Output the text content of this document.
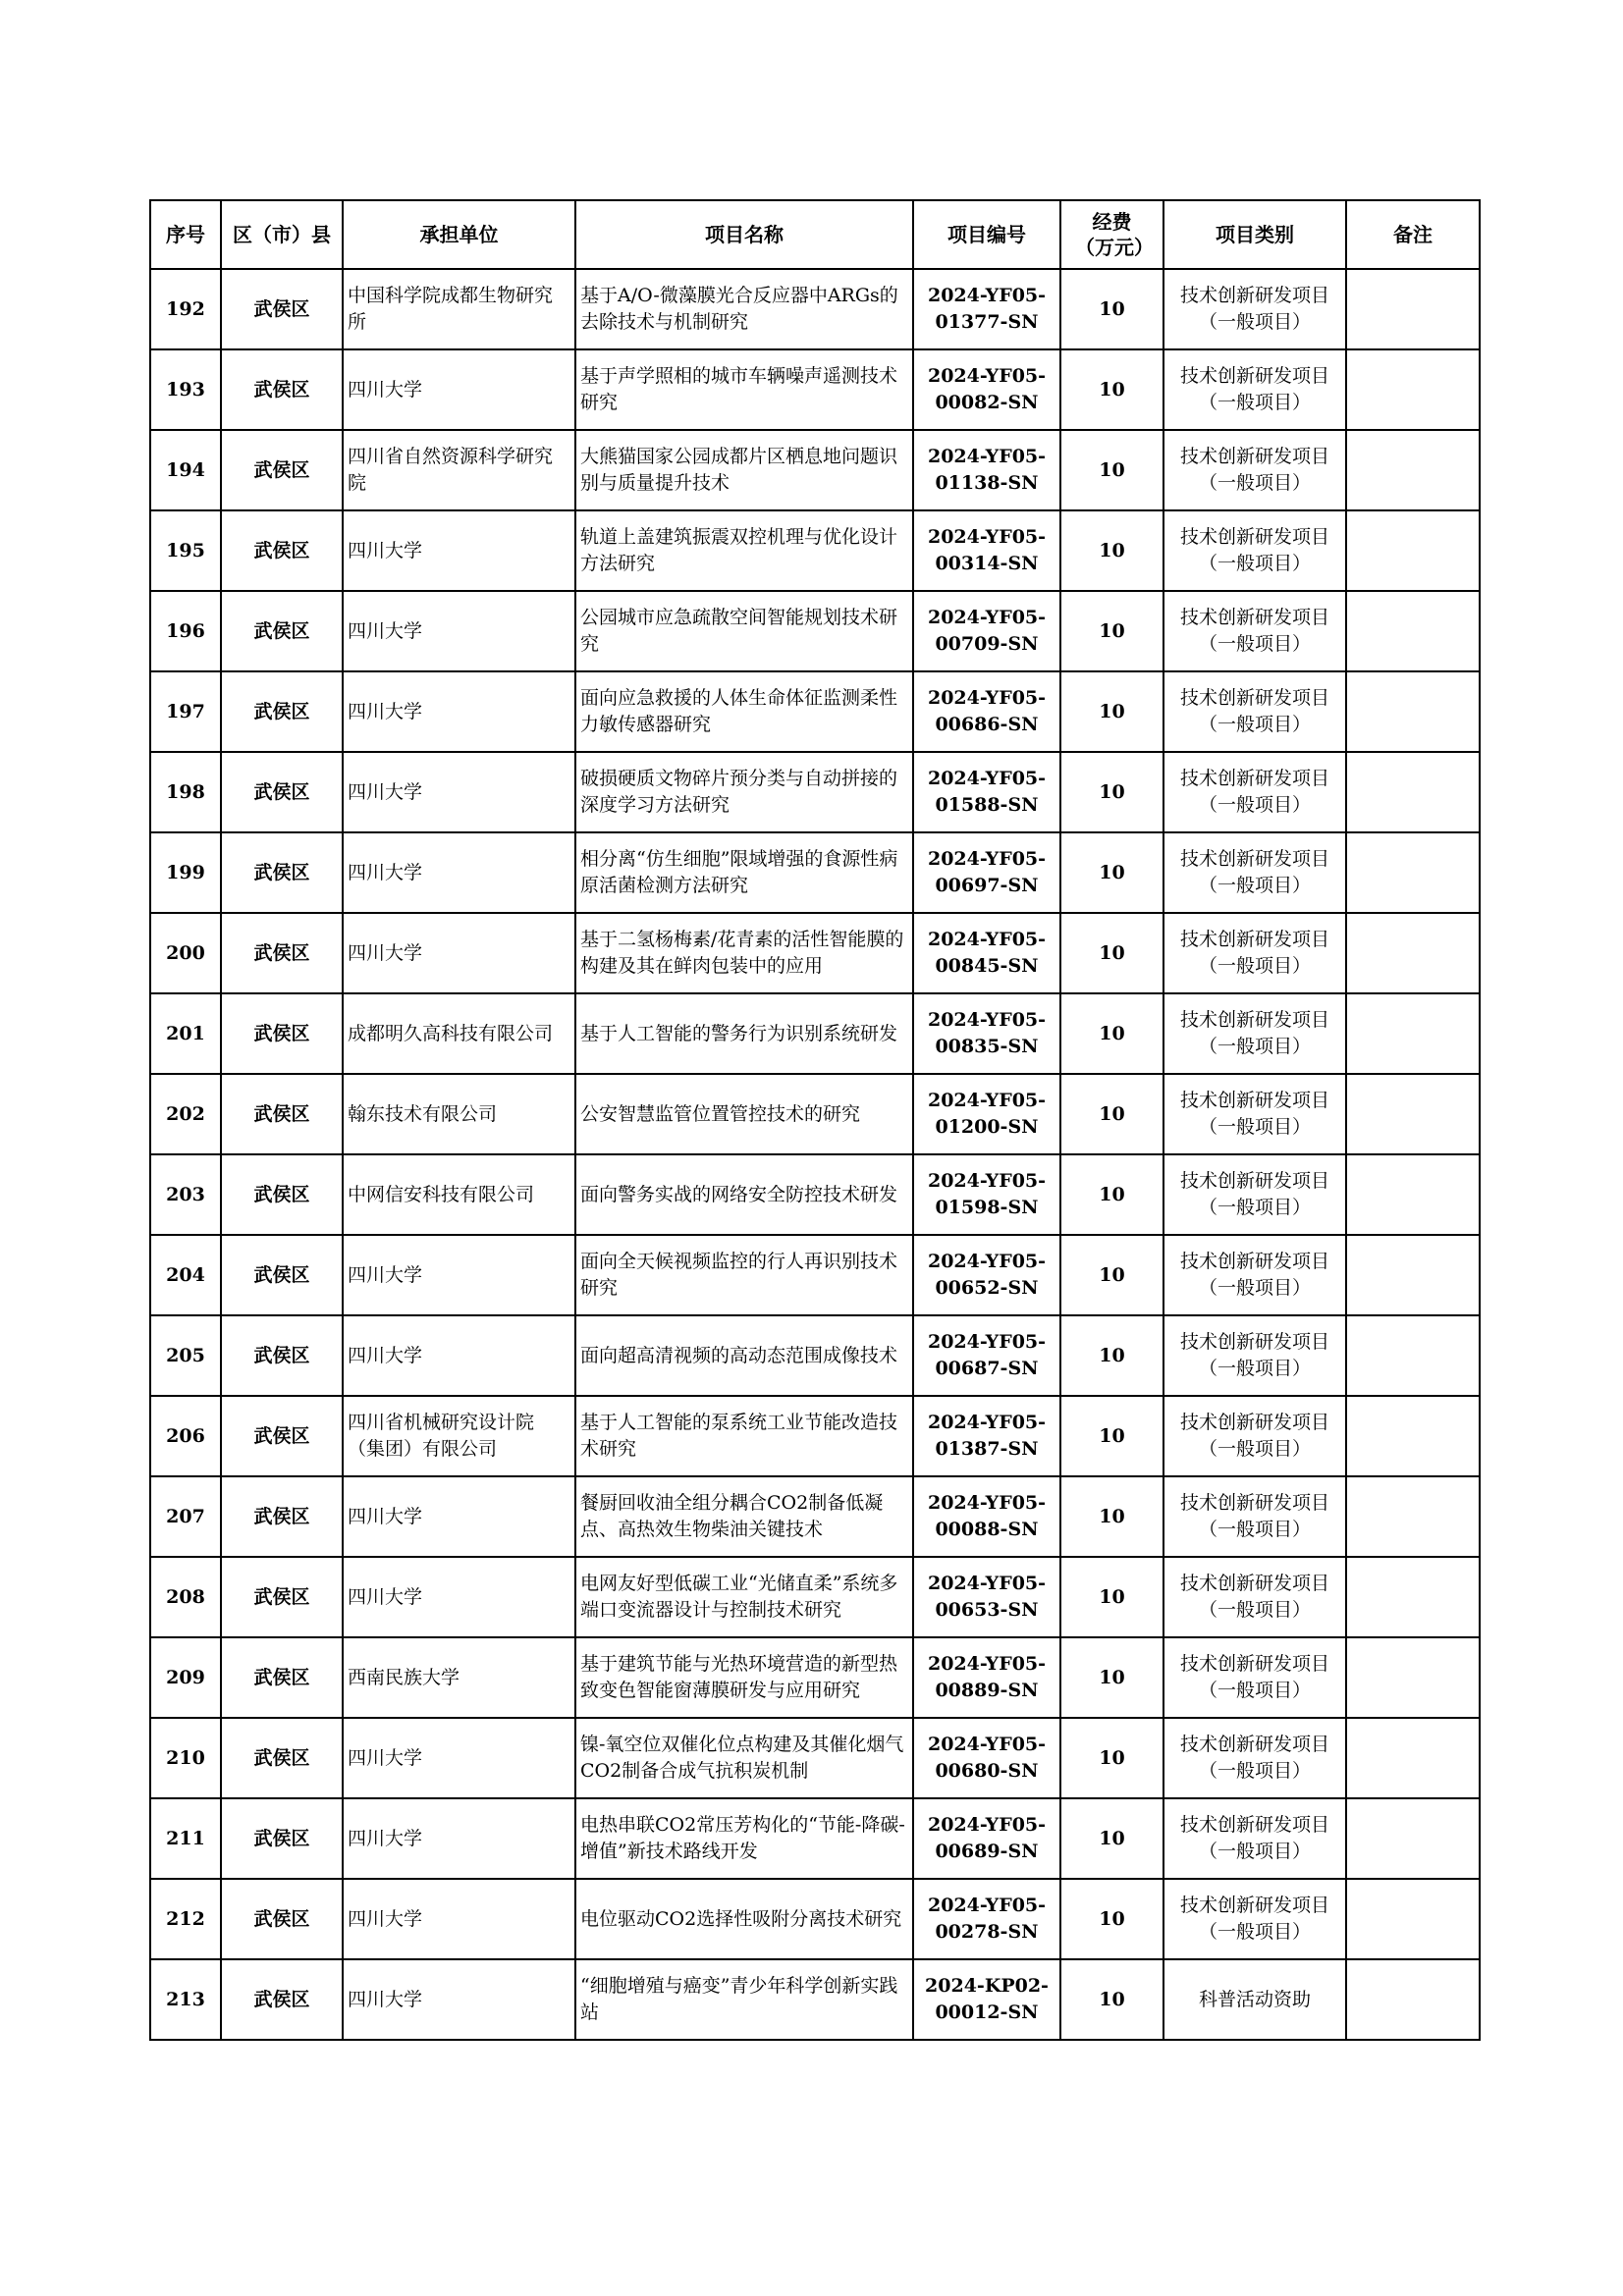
序号	区（市）县	承担单位	项目名称	项目编号	经费（万元）	项目类别	备注
192	武侯区	中国科学院成都生物研究所	基于A/O-微藻膜光合反应器中ARGs的去除技术与机制研究	2024-YF05-01377-SN	10	技术创新研发项目（一般项目）	
193	武侯区	四川大学	基于声学照相的城市车辆噪声遥测技术研究	2024-YF05-00082-SN	10	技术创新研发项目（一般项目）	
194	武侯区	四川省自然资源科学研究院	大熊猫国家公园成都片区栖息地问题识别与质量提升技术	2024-YF05-01138-SN	10	技术创新研发项目（一般项目）	
195	武侯区	四川大学	轨道上盖建筑振震双控机理与优化设计方法研究	2024-YF05-00314-SN	10	技术创新研发项目（一般项目）	
196	武侯区	四川大学	公园城市应急疏散空间智能规划技术研究	2024-YF05-00709-SN	10	技术创新研发项目（一般项目）	
197	武侯区	四川大学	面向应急救援的人体生命体征监测柔性力敏传感器研究	2024-YF05-00686-SN	10	技术创新研发项目（一般项目）	
198	武侯区	四川大学	破损硬质文物碎片预分类与自动拼接的深度学习方法研究	2024-YF05-01588-SN	10	技术创新研发项目（一般项目）	
199	武侯区	四川大学	相分离“仿生细胞”限域增强的食源性病原活菌检测方法研究	2024-YF05-00697-SN	10	技术创新研发项目（一般项目）	
200	武侯区	四川大学	基于二氢杨梅素/花青素的活性智能膜的构建及其在鲜肉包装中的应用	2024-YF05-00845-SN	10	技术创新研发项目（一般项目）	
201	武侯区	成都明久高科技有限公司	基于人工智能的警务行为识别系统研发	2024-YF05-00835-SN	10	技术创新研发项目（一般项目）	
202	武侯区	翰东技术有限公司	公安智慧监管位置管控技术的研究	2024-YF05-01200-SN	10	技术创新研发项目（一般项目）	
203	武侯区	中网信安科技有限公司	面向警务实战的网络安全防控技术研发	2024-YF05-01598-SN	10	技术创新研发项目（一般项目）	
204	武侯区	四川大学	面向全天候视频监控的行人再识别技术研究	2024-YF05-00652-SN	10	技术创新研发项目（一般项目）	
205	武侯区	四川大学	面向超高清视频的高动态范围成像技术	2024-YF05-00687-SN	10	技术创新研发项目（一般项目）	
206	武侯区	四川省机械研究设计院（集团）有限公司	基于人工智能的泵系统工业节能改造技术研究	2024-YF05-01387-SN	10	技术创新研发项目（一般项目）	
207	武侯区	四川大学	餐厨回收油全组分耦合CO2制备低凝点、高热效生物柴油关键技术	2024-YF05-00088-SN	10	技术创新研发项目（一般项目）	
208	武侯区	四川大学	电网友好型低碳工业“光储直柔”系统多端口变流器设计与控制技术研究	2024-YF05-00653-SN	10	技术创新研发项目（一般项目）	
209	武侯区	西南民族大学	基于建筑节能与光热环境营造的新型热致变色智能窗薄膜研发与应用研究	2024-YF05-00889-SN	10	技术创新研发项目（一般项目）	
210	武侯区	四川大学	镍-氧空位双催化位点构建及其催化烟气CO2制备合成气抗积炭机制	2024-YF05-00680-SN	10	技术创新研发项目（一般项目）	
211	武侯区	四川大学	电热串联CO2常压芳构化的“节能-降碳-增值”新技术路线开发	2024-YF05-00689-SN	10	技术创新研发项目（一般项目）	
212	武侯区	四川大学	电位驱动CO2选择性吸附分离技术研究	2024-YF05-00278-SN	10	技术创新研发项目（一般项目）	
213	武侯区	四川大学	“细胞增殖与癌变”青少年科学创新实践站	2024-KP02-00012-SN	10	科普活动资助	
